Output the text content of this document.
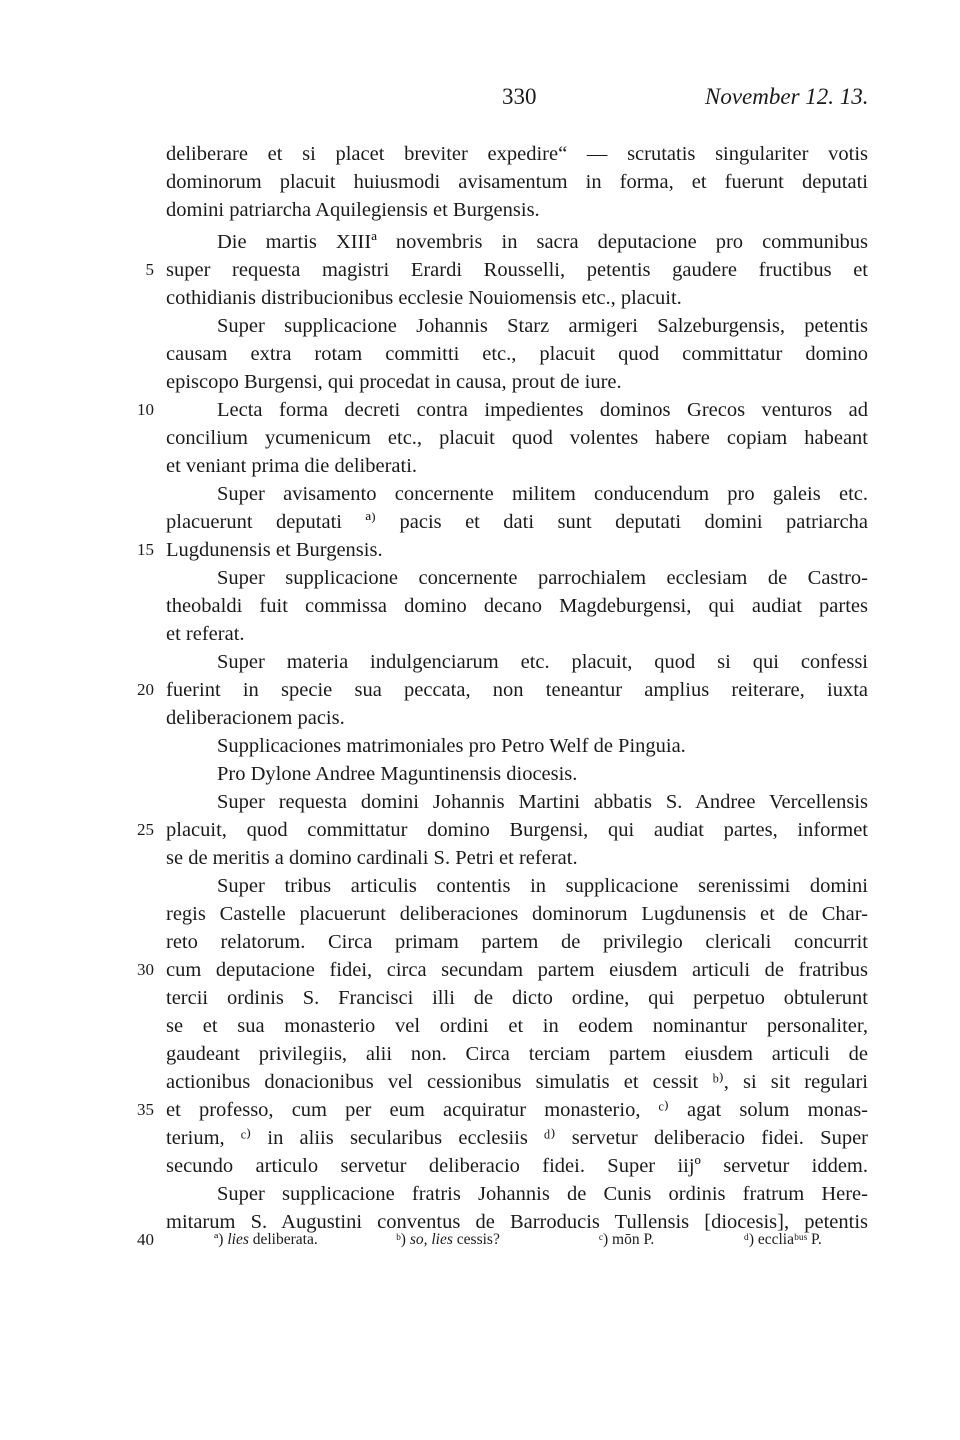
330	November 12. 13.
deliberare et si placet breviter expedire“ — scrutatis singulariter votis
dominorum placuit huiusmodi avisamentum in forma, et fuerunt deputati
domini patriarcha Aquilegiensis et Burgensis.
Die martis XIIIª novembris in sacra deputacione pro communibus
super requesta magistri Erardi Rousselli, petentis gaudere fructibus et
cothidianis distribucionibus ecclesie Nouiomensis etc., placuit.
Super supplicacione Johannis Starz armigeri Salzeburgensis, petentis
causam extra rotam committi etc., placuit quod committatur domino
episcopo Burgensi, qui procedat in causa, prout de iure.
Lecta forma decreti contra impedientes dominos Grecos venturos ad
concilium ycumenicum etc., placuit quod volentes habere copiam habeant
et veniant prima die deliberati.
Super avisamento concernente militem conducendum pro galeis etc.
placuerunt deputati ª⁾ pacis et dati sunt deputati domini patriarcha
Lugdunensis et Burgensis.
Super supplicacione concernente parrochialem ecclesiam de Castro-
theobaldi fuit commissa domino decano Magdeburgensi, qui audiat partes
et referat.
Super materia indulgenciarum etc. placuit, quod si qui confessi
fuerint in specie sua peccata, non teneantur amplius reiterare, iuxta
deliberacionem pacis.
Supplicaciones matrimoniales pro Petro Welf de Pinguia.
Pro Dylone Andree Maguntinensis diocesis.
Super requesta domini Johannis Martini abbatis S. Andree Vercellensis
placuit, quod committatur domino Burgensi, qui audiat partes, informet
se de meritis a domino cardinali S. Petri et referat.
Super tribus articulis contentis in supplicacione serenissimi domini
regis Castelle placuerunt deliberaciones dominorum Lugdunensis et de Char-
reto relatorum. Circa primam partem de privilegio clericali concurrit
cum deputacione fidei, circa secundam partem eiusdem articuli de fratribus
tercii ordinis S. Francisci illi de dicto ordine, qui perpetuo obtulerunt
se et sua monasterio vel ordini et in eodem nominantur personaliter,
gaudeant privilegiis, alii non. Circa terciam partem eiusdem articuli de
actionibus donacionibus vel cessionibus simulatis et cessit ᵇ⁾, si sit regulari
et professo, cum per eum acquiratur monasterio, ᶜ⁾ agat solum monas-
terium, ᶜ⁾ in aliis secularibus ecclesiis ᵈ⁾ servetur deliberacio fidei. Super
secundo articulo servetur deliberacio fidei. Super iijº servetur iddem.
Super supplicacione fratris Johannis de Cunis ordinis fratrum Here-
mitarum S. Augustini conventus de Barroducis Tullensis [diocesis], petentis
5
10
15
20
25
30
35
40	ª) lies deliberata.	ᵇ) so, lies cessis?	ᶜ) mōn P.	ᵈ) eccliaᵇᵘˢ P.
